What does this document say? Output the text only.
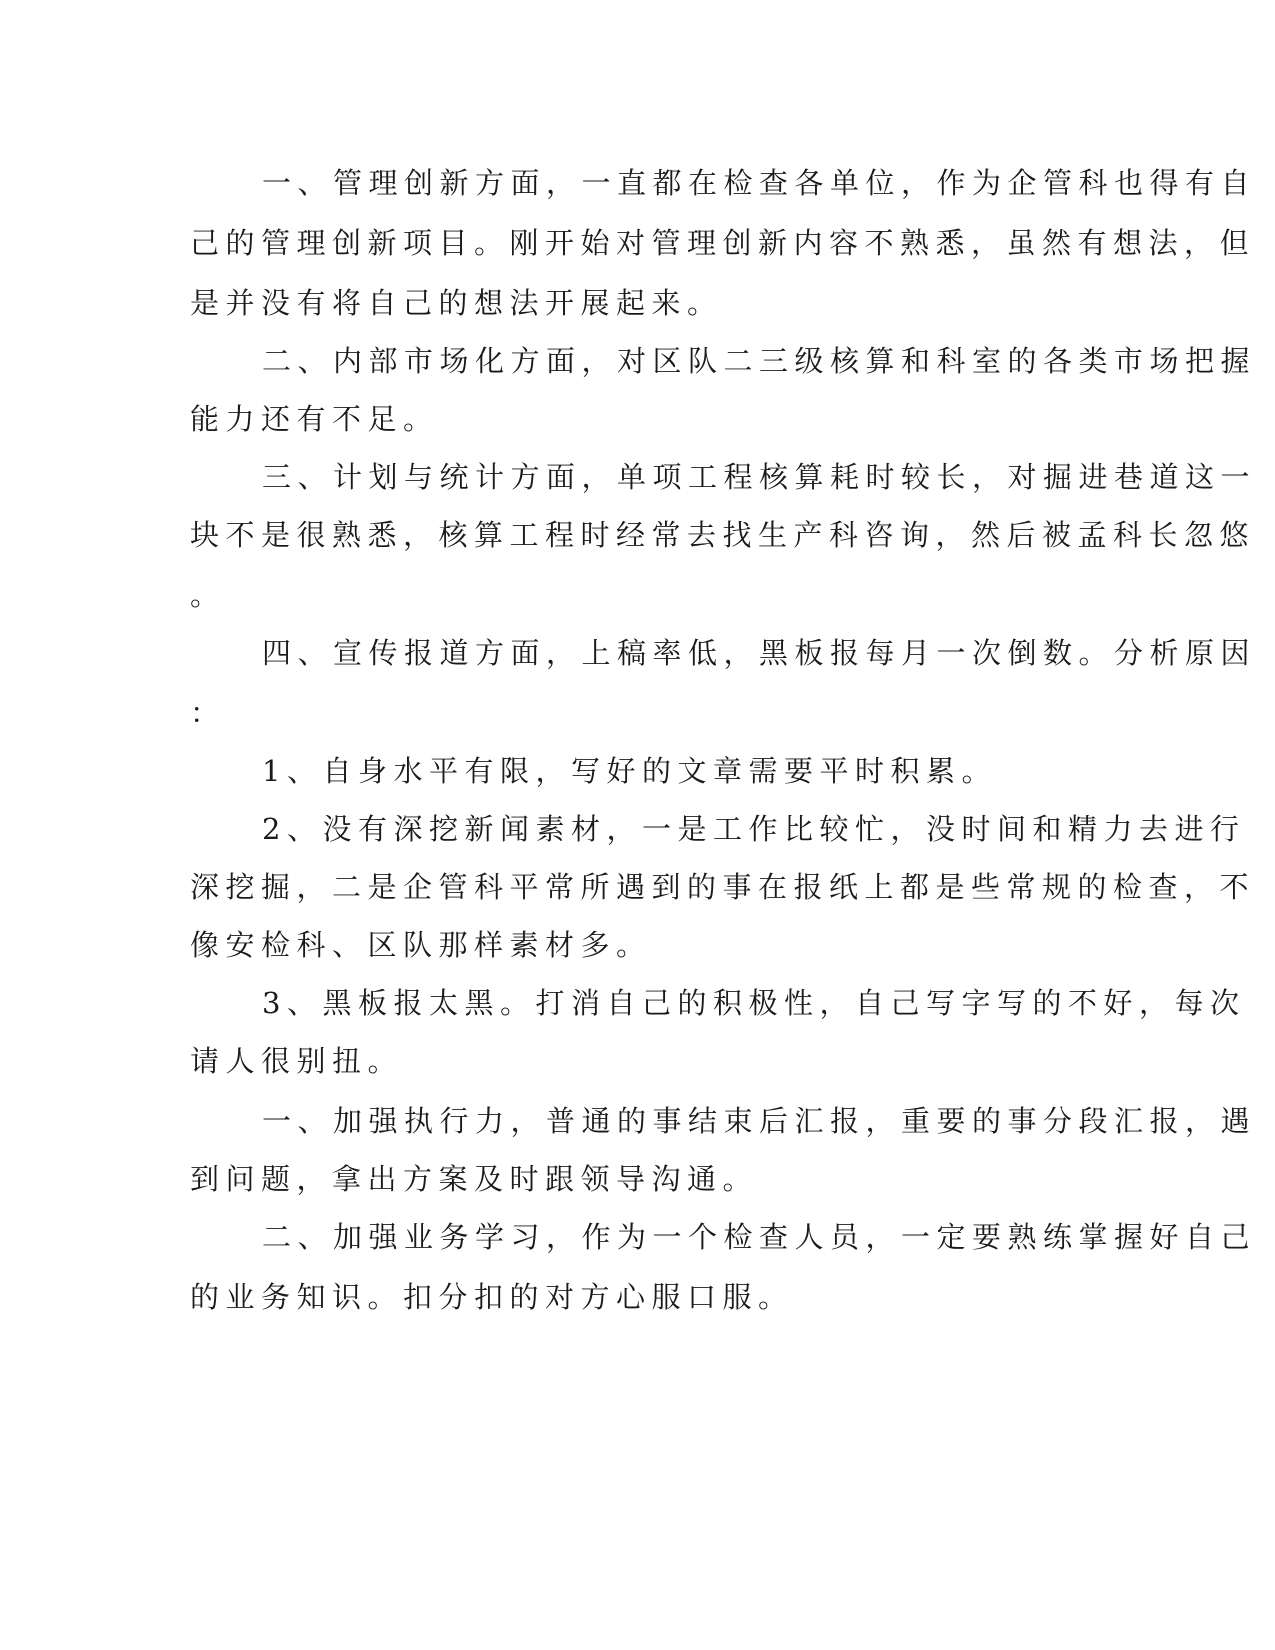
一、管理创新方面，一直都在检查各单位，作为企管科也得有自

己的管理创新项目。刚开始对管理创新内容不熟悉，虽然有想法，但

是并没有将自己的想法开展起来。

二、内部市场化方面，对区队二三级核算和科室的各类市场把握

能力还有不足。

三、计划与统计方面，单项工程核算耗时较长，对掘进巷道这一

块不是很熟悉，核算工程时经常去找生产科咨询，然后被孟科长忽悠

。

四、宣传报道方面，上稿率低，黑板报每月一次倒数。分析原因

：

1、自身水平有限，写好的文章需要平时积累。

2、没有深挖新闻素材，一是工作比较忙，没时间和精力去进行

深挖掘，二是企管科平常所遇到的事在报纸上都是些常规的检查，不

像安检科、区队那样素材多。

3、黑板报太黑。打消自己的积极性，自己写字写的不好，每次

请人很别扭。

一、加强执行力，普通的事结束后汇报，重要的事分段汇报，遇

到问题，拿出方案及时跟领导沟通。

二、加强业务学习，作为一个检查人员，一定要熟练掌握好自己

的业务知识。扣分扣的对方心服口服。
